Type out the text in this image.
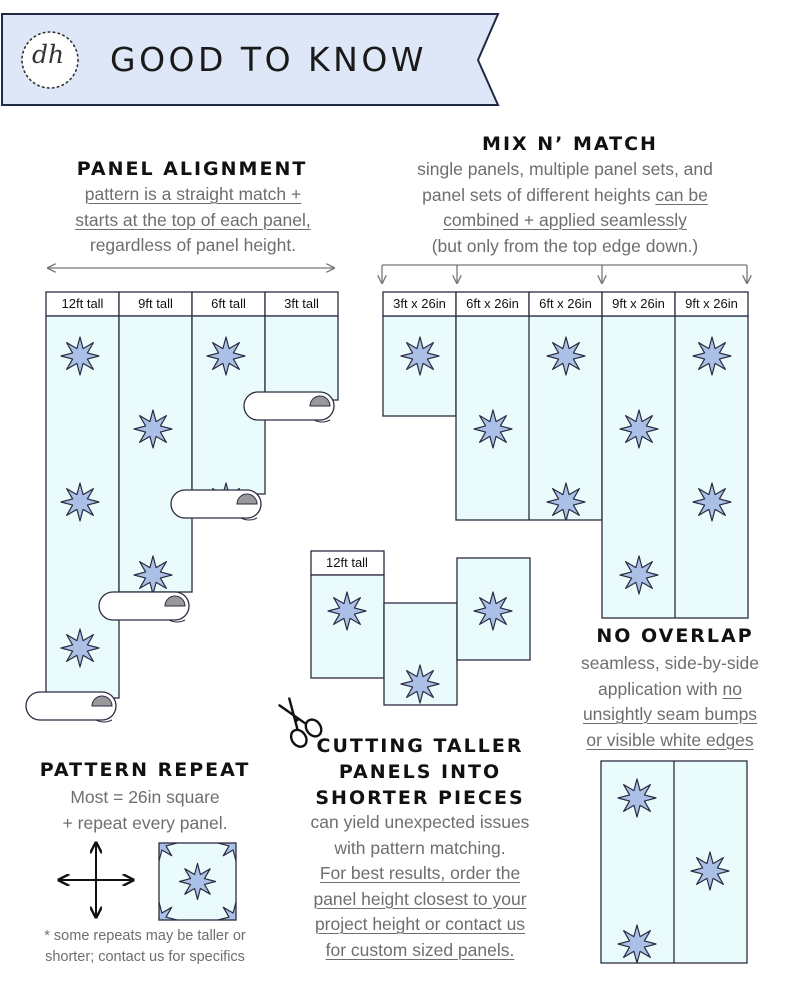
dh	GOOD TO KNOW
PANEL ALIGNMENT
pattern is a straight match +
starts at the top of each panel,
regardless of panel height.
MIX N’ MATCH
single panels, multiple panel sets, and
panel sets of different heights can be
combined + applied seamlessly
(but only from the top edge down.)
12ft tall	9ft tall	6ft tall	3ft tall	3ft x 26in	6ft x 26in	6ft x 26in	9ft x 26in	9ft x 26in
12ft tall
CUTTING TALLER
PANELS INTO
SHORTER PIECES
can yield unexpected issues
with pattern matching.
For best results, order the
panel height closest to your
project height or contact us
for custom sized panels.
NO OVERLAP
seamless, side-by-side
application with no
unsightly seam bumps
or visible white edges
PATTERN REPEAT
Most = 26in square
+ repeat every panel.
* some repeats may be taller or
shorter; contact us for specifics
